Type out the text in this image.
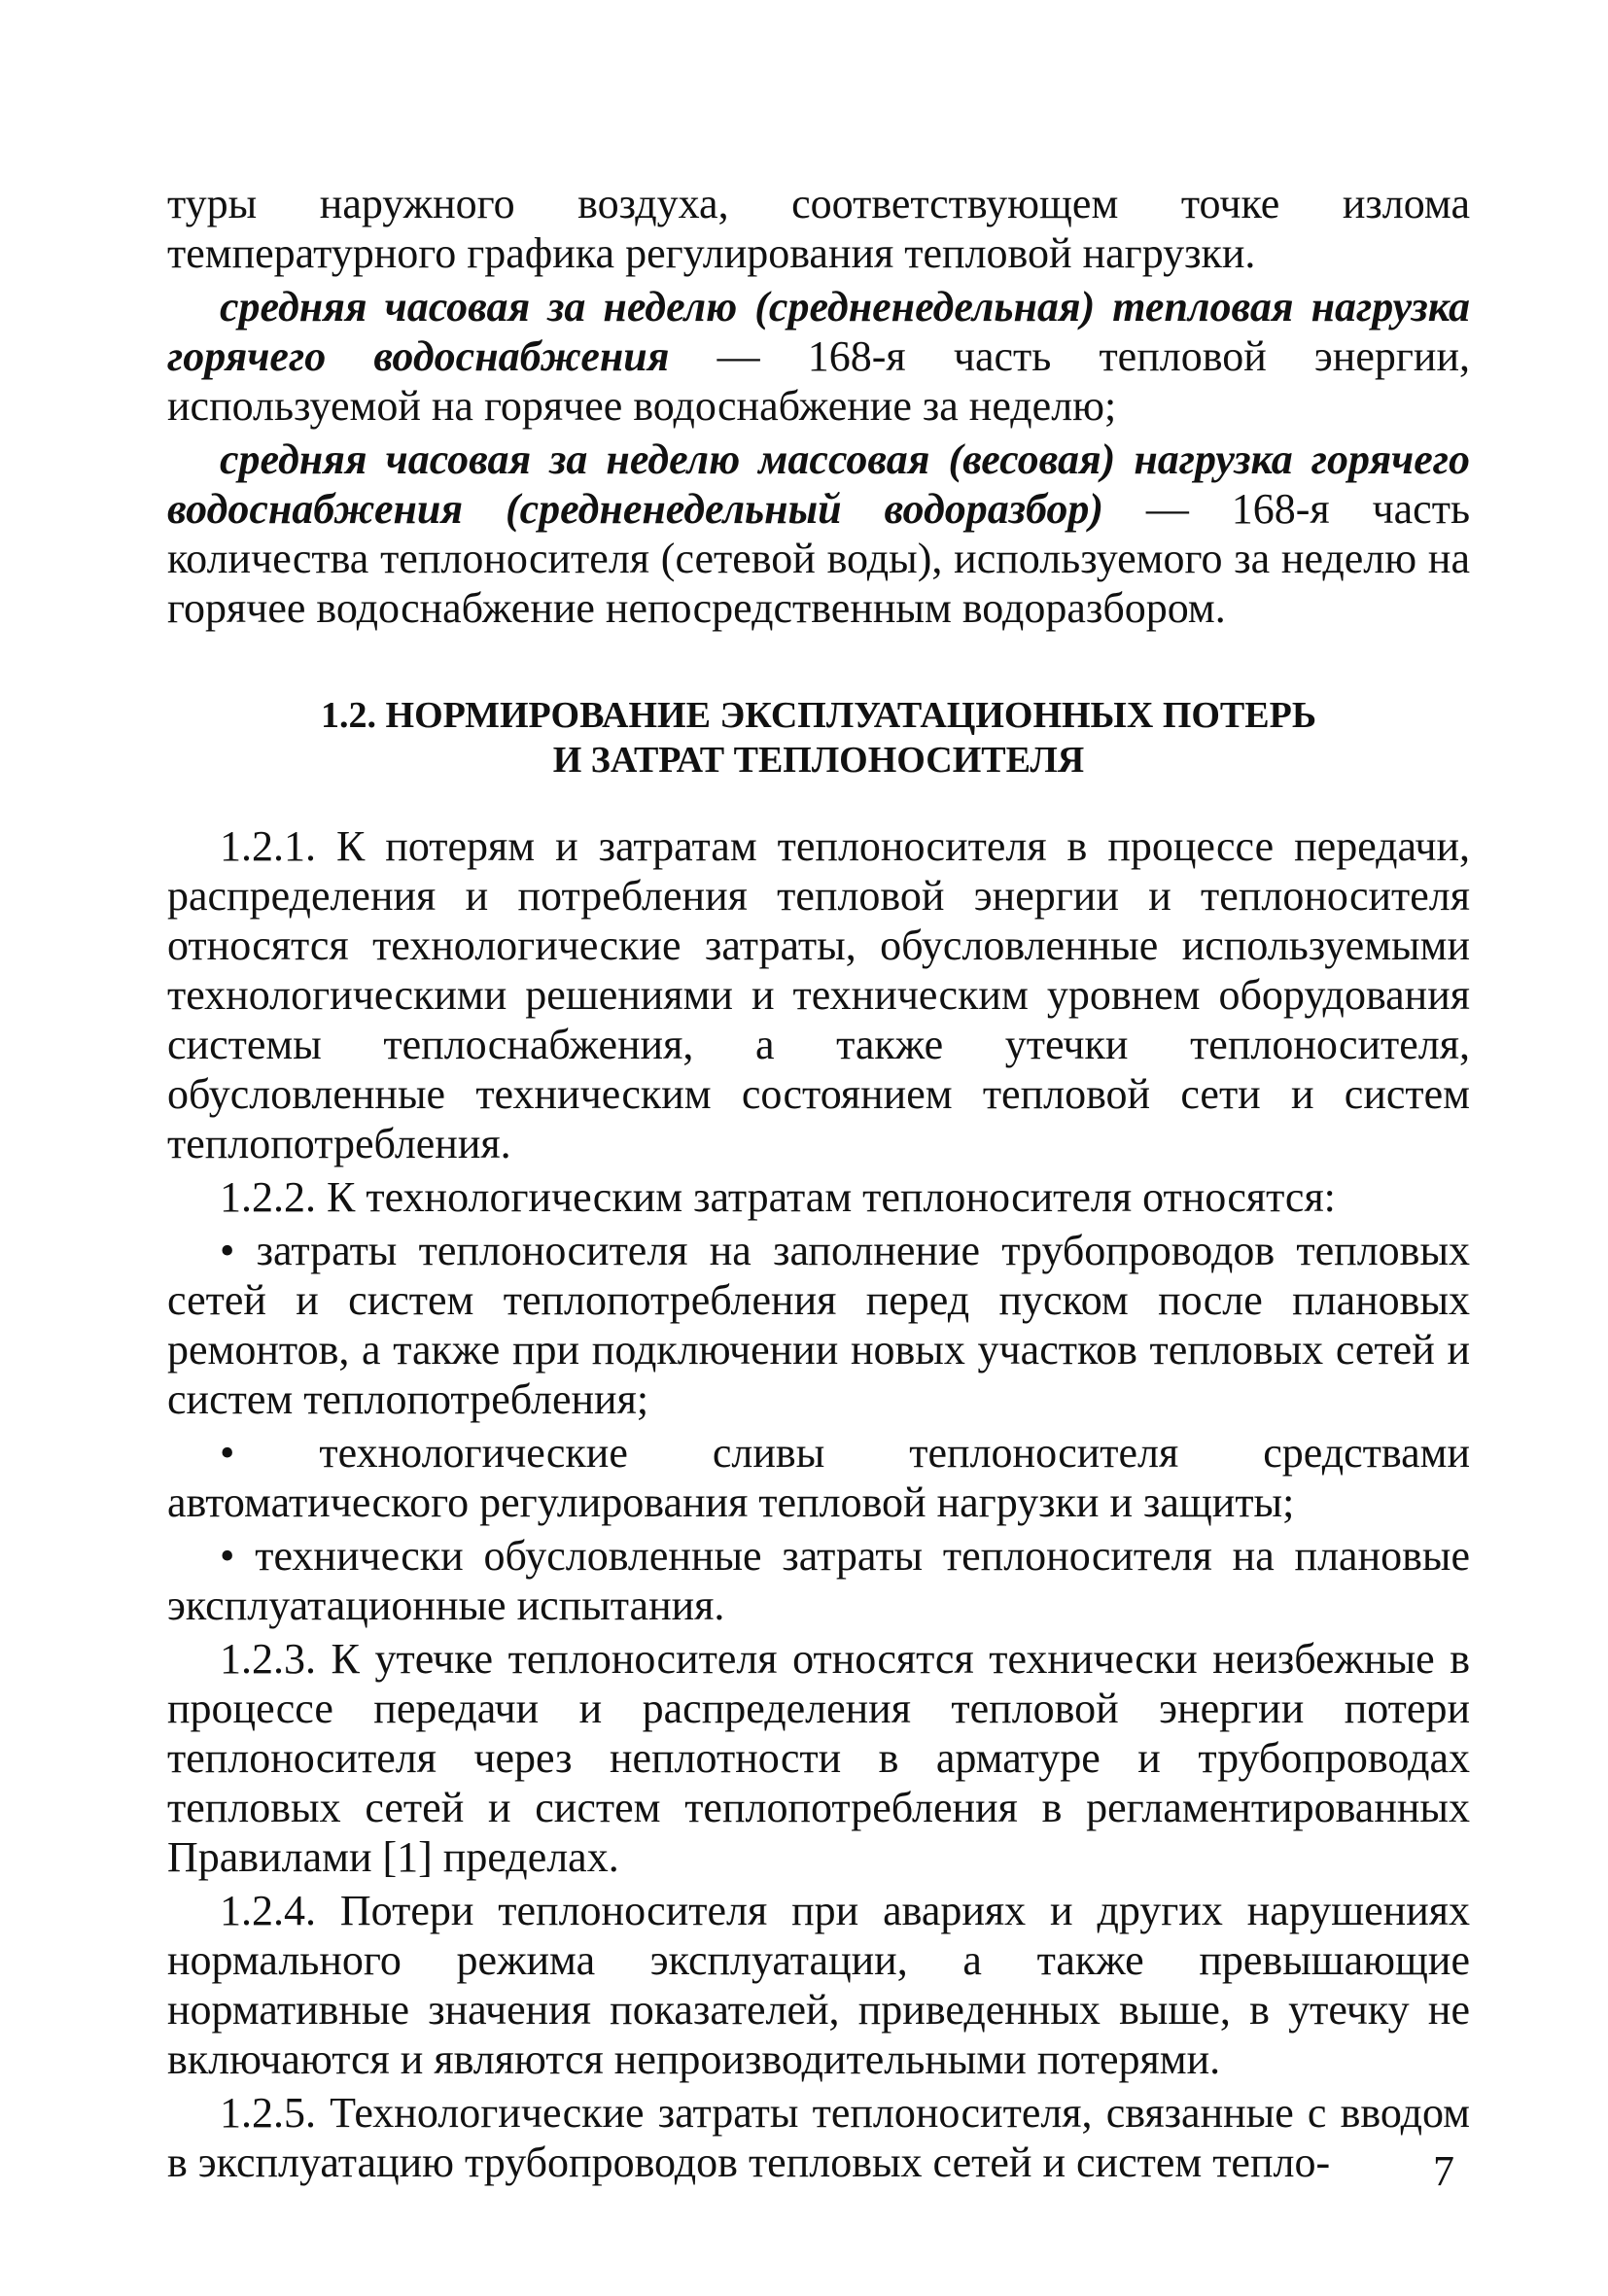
туры наружного воздуха, соответствующем точке излома температурного графика регулирования тепловой нагрузки.

средняя часовая за неделю (средненедельная) тепловая нагрузка горячего водоснабжения — 168-я часть тепловой энергии, используемой на горячее водоснабжение за неделю;

средняя часовая за неделю массовая (весовая) нагрузка горячего водоснабжения (средненедельный водоразбор) — 168-я часть количества теплоносителя (сетевой воды), используемого за неделю на горячее водоснабжение непосредственным водоразбором.

1.2. НОРМИРОВАНИЕ ЭКСПЛУАТАЦИОННЫХ ПОТЕРЬ
И ЗАТРАТ ТЕПЛОНОСИТЕЛЯ

1.2.1. К потерям и затратам теплоносителя в процессе передачи, распределения и потребления тепловой энергии и теплоносителя относятся технологические затраты, обусловленные используемыми технологическими решениями и техническим уровнем оборудования системы теплоснабжения, а также утечки теплоносителя, обусловленные техническим состоянием тепловой сети и систем теплопотребления.

1.2.2. К технологическим затратам теплоносителя относятся:

• затраты теплоносителя на заполнение трубопроводов тепловых сетей и систем теплопотребления перед пуском после плановых ремонтов, а также при подключении новых участков тепловых сетей и систем теплопотребления;

• технологические сливы теплоносителя средствами автоматического регулирования тепловой нагрузки и защиты;

• технически обусловленные затраты теплоносителя на плановые эксплуатационные испытания.

1.2.3. К утечке теплоносителя относятся технически неизбежные в процессе передачи и распределения тепловой энергии потери теплоносителя через неплотности в арматуре и трубопроводах тепловых сетей и систем теплопотребления в регламентированных Правилами [1] пределах.

1.2.4. Потери теплоносителя при авариях и других нарушениях нормального режима эксплуатации, а также превышающие нормативные значения показателей, приведенных выше, в утечку не включаются и являются непроизводительными потерями.

1.2.5. Технологические затраты теплоносителя, связанные с вводом в эксплуатацию трубопроводов тепловых сетей и систем тепло-	7
